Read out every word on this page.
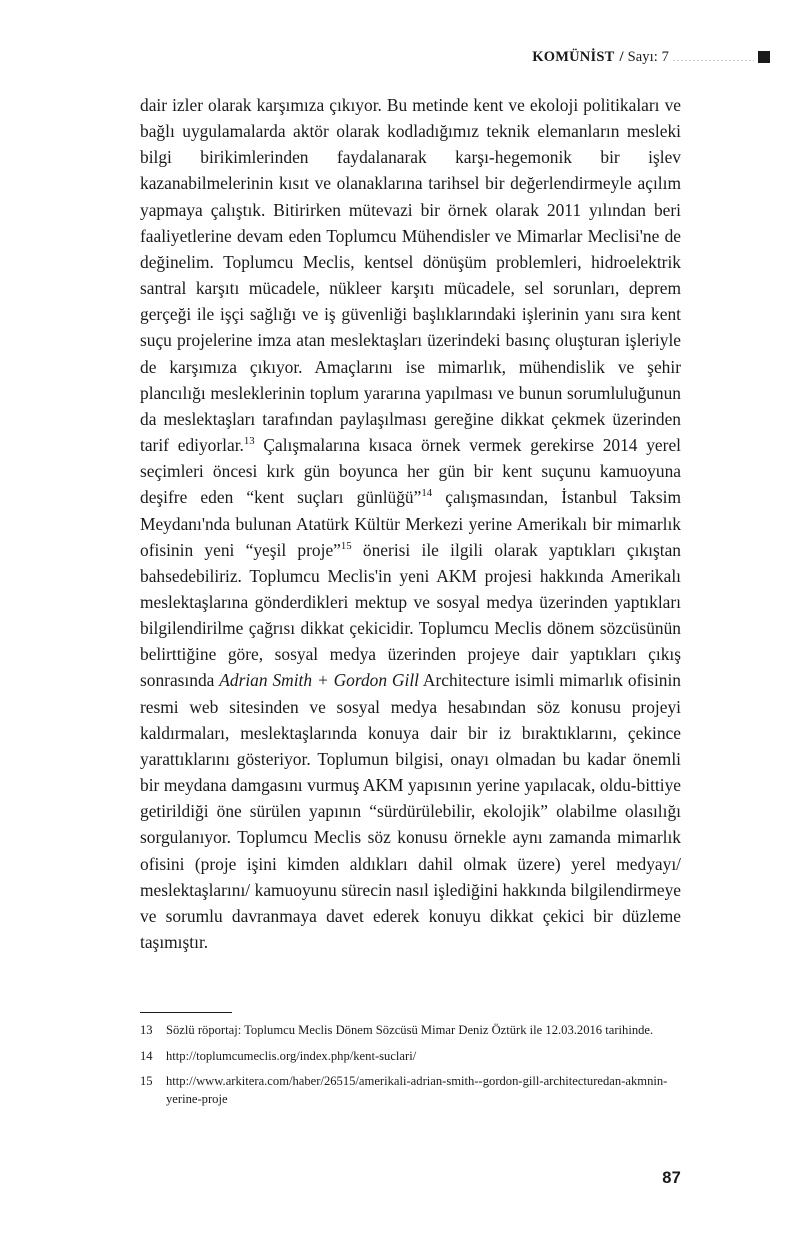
KOMÜNİST / Sayı: 7

dair izler olarak karşımıza çıkıyor. Bu metinde kent ve ekoloji politikaları ve bağlı uygulamalarda aktör olarak kodladığımız teknik elemanların mesleki bilgi birikimlerinden faydalanarak karşı-hegemonik bir işlev kazanabilmelerinin kısıt ve olanaklarına tarihsel bir değerlendirmeyle açılım yapmaya çalıştık. Bitirirken mütevazi bir örnek olarak 2011 yılından beri faaliyetlerine devam eden Toplumcu Mühendisler ve Mimarlar Meclisi'ne de değinelim. Toplumcu Meclis, kentsel dönüşüm problemleri, hidroelektrik santral karşıtı mücadele, nükleer karşıtı mücadele, sel sorunları, deprem gerçeği ile işçi sağlığı ve iş güvenliği başlıklarındaki işlerinin yanı sıra kent suçu projelerine imza atan meslektaşları üzerindeki basınç oluşturan işleriyle de karşımıza çıkıyor. Amaçlarını ise mimarlık, mühendislik ve şehir plancılığı mesleklerinin toplum yararına yapılması ve bunun sorumluluğunun da meslektaşları tarafından paylaşılması gereğine dikkat çekmek üzerinden tarif ediyorlar.$^{13}$ Çalışmalarına kısaca örnek vermek gerekirse 2014 yerel seçimleri öncesi kırk gün boyunca her gün bir kent suçunu kamuoyuna deşifre eden “kent suçları günlüğü”$^{14}$ çalışmasından, İstanbul Taksim Meydanı'nda bulunan Atatürk Kültür Merkezi yerine Amerikalı bir mimarlık ofisinin yeni “yeşil proje”$^{15}$ önerisi ile ilgili olarak yaptıkları çıkıştan bahsedebiliriz. Toplumcu Meclis'in yeni AKM projesi hakkında Amerikalı meslektaşlarına gönderdikleri mektup ve sosyal medya üzerinden yaptıkları bilgilendirilme çağrısı dikkat çekicidir. Toplumcu Meclis dönem sözcüsünün belirttiğine göre, sosyal medya üzerinden projeye dair yaptıkları çıkış sonrasında Adrian Smith + Gordon Gill Architecture isimli mimarlık ofisinin resmi web sitesinden ve sosyal medya hesabından söz konusu projeyi kaldırmaları, meslektaşlarında konuya dair bir iz bıraktıklarını, çekince yarattıklarını gösteriyor. Toplumun bilgisi, onayı olmadan bu kadar önemli bir meydana damgasını vurmuş AKM yapısının yerine yapılacak, oldu-bittiye getirildiği öne sürülen yapının “sürdürülebilir, ekolojik” olabilme olasılığı sorgulanıyor. Toplumcu Meclis söz konusu örnekle aynı zamanda mimarlık ofisini (proje işini kimden aldıkları dahil olmak üzere) yerel medyayı/ meslektaşlarını/ kamuoyunu sürecin nasıl işlediğini hakkında bilgilendirmeye ve sorumlu davranmaya davet ederek konuyu dikkat çekici bir düzleme taşımıştır.

13	Sözlü röportaj: Toplumcu Meclis Dönem Sözcüsü Mimar Deniz Öztürk ile 12.03.2016 tarihinde.
14	http://toplumcumeclis.org/index.php/kent-suclari/
15	http://www.arkitera.com/haber/26515/amerikali-adrian-smith--gordon-gill-architecturedan-akmnin-yerine-proje
87
